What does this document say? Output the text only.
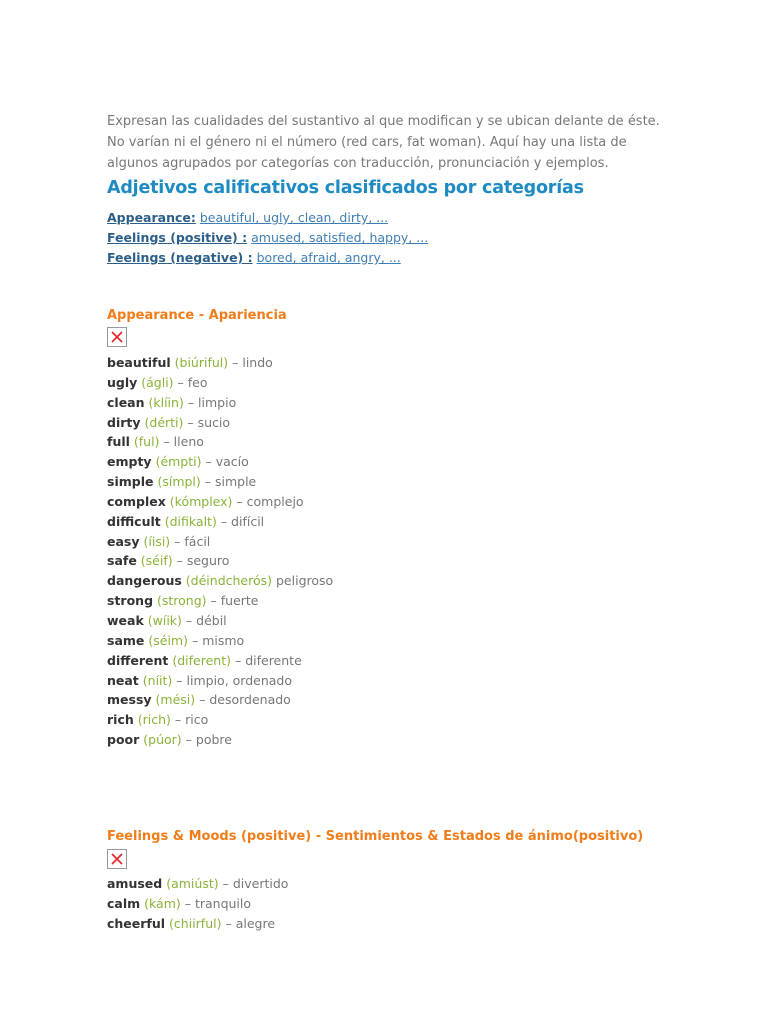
Expresan las cualidades del sustantivo al que modifican y se ubican delante de éste. No varían ni el género ni el número (red cars, fat woman). Aquí hay una lista de algunos agrupados por categorías con traducción, pronunciación y ejemplos.

Adjetivos calificativos clasificados por categorías
Appearance: beautiful, ugly, clean, dirty, ...
Feelings (positive) : amused, satisfied, happy, ...
Feelings (negative) : bored, afraid, angry, ...
Appearance - Apariencia
beautiful (biúriful) – lindo
ugly (ágli) – feo
clean (klíin) – limpio
dirty (dérti) – sucio
full (ful) – lleno
empty (émpti) – vacío
simple (símpl) – simple
complex (kómplex) – complejo
difficult (difikalt) – difícil
easy (íisi) – fácil
safe (séif) – seguro
dangerous (déindcherós) peligroso
strong (strong) – fuerte
weak (wíik) – débil
same (séim) – mismo
different (diferent) – diferente
neat (níit) – limpio, ordenado
messy (mési) – desordenado
rich (rich) – rico
poor (púor) – pobre
Feelings & Moods (positive) - Sentimientos & Estados de ánimo(positivo)
amused (amiúst) – divertido
calm (kám) – tranquilo
cheerful (chiirful) – alegre
